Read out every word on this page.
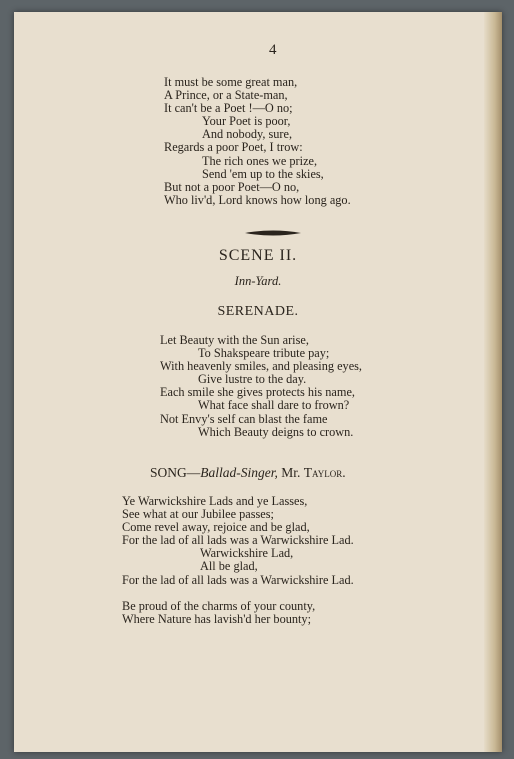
4
It must be some great man,
A Prince, or a State-man,
It can't be a Poet !—O no;
Your Poet is poor,
And nobody, sure,
Regards a poor Poet, I trow:
The rich ones we prize,
Send 'em up to the skies,
But not a poor Poet—O no,
Who liv'd, Lord knows how long ago.
SCENE II.
Inn-Yard.
SERENADE.
Let Beauty with the Sun arise,
To Shakspeare tribute pay;
With heavenly smiles, and pleasing eyes,
Give lustre to the day.
Each smile she gives protects his name,
What face shall dare to frown?
Not Envy's self can blast the fame
Which Beauty deigns to crown.
SONG—Ballad-Singer, Mr. Taylor.
Ye Warwickshire Lads and ye Lasses,
See what at our Jubilee passes;
Come revel away, rejoice and be glad,
For the lad of all lads was a Warwickshire Lad.
Warwickshire Lad,
All be glad,
For the lad of all lads was a Warwickshire Lad.

Be proud of the charms of your county,
Where Nature has lavish'd her bounty;
